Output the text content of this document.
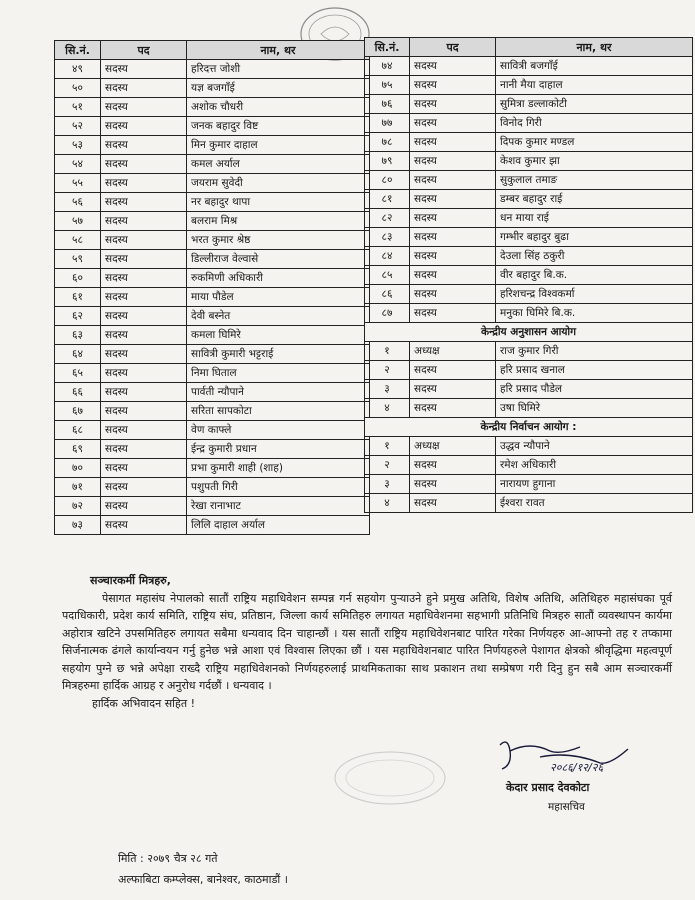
सि.नं.	पद	नाम, थर
४९	सदस्य	हरिदत्त जोशी
५०	सदस्य	यज्ञ बजगाँई
५१	सदस्य	अशोक चौधरी
५२	सदस्य	जनक बहादुर विष्ट
५३	सदस्य	मिन कुमार दाहाल
५४	सदस्य	कमल अर्याल
५५	सदस्य	जयराम सुवेदी
५६	सदस्य	नर बहादुर थापा
५७	सदस्य	बलराम मिश्र
५८	सदस्य	भरत कुमार श्रेष्ठ
५९	सदस्य	डिल्लीराज वेल्वासे
६०	सदस्य	रुकमिणी अधिकारी
६१	सदस्य	माया पौडेल
६२	सदस्य	देवी बस्नेत
६३	सदस्य	कमला घिमिरे
६४	सदस्य	सावित्री कुमारी भट्टराई
६५	सदस्य	निमा घिताल
६६	सदस्य	पार्वती न्यौपाने
६७	सदस्य	सरिता सापकोटा
६८	सदस्य	वेण काफ्ले
६९	सदस्य	ईन्द्र कुमारी प्रधान
७०	सदस्य	प्रभा कुमारी शाही (शाह)
७१	सदस्य	पशुपती गिरी
७२	सदस्य	रेखा रानाभाट
७३	सदस्य	लिलि दाहाल अर्याल
सि.नं.	पद	नाम, थर
७४	सदस्य	सावित्री बजगाँई
७५	सदस्य	नानी मैया दाहाल
७६	सदस्य	सुमित्रा डल्लाकोटी
७७	सदस्य	विनोद गिरी
७८	सदस्य	दिपक कुमार मण्डल
७९	सदस्य	केशव कुमार झा
८०	सदस्य	सुकुलाल तमाङ
८१	सदस्य	डम्बर बहादुर राई
८२	सदस्य	धन माया राई
८३	सदस्य	गम्भीर बहादुर बुढा
८४	सदस्य	देउला सिंह ठकुरी
८५	सदस्य	वीर बहादुर बि.क.
८६	सदस्य	हरिशचन्द्र विश्वकर्मा
८७	सदस्य	मनुका घिमिरे बि.क.
केन्द्रीय अनुशासन आयोग		
१	अध्यक्ष	राज कुमार गिरी
२	सदस्य	हरि प्रसाद खनाल
३	सदस्य	हरि प्रसाद पौडेल
४	सदस्य	उषा घिमिरे
केन्द्रीय निर्वाचन आयोग :		
१	अध्यक्ष	उद्धव न्यौपाने
२	सदस्य	रमेश अधिकारी
३	सदस्य	नारायण हुगाना
४	सदस्य	ईश्वरा रावत
सञ्चारकर्मी मित्रहरु,

पेसागत महासंघ नेपालको सातौं राष्ट्रिय महाधिवेशन सम्पन्न गर्न सहयोग पुऱ्याउने हुने प्रमुख अतिथि, विशेष अतिथि, अतिथिहरु महासंघका पूर्व पदाधिकारी, प्रदेश कार्य समिति, राष्ट्रिय संघ, प्रतिष्ठान, जिल्ला कार्य समितिहरु लगायत महाधिवेशनमा सहभागी प्रतिनिधि मित्रहरु सातौं व्यवस्थापन कार्यमा अहोरात्र खटिने उपसमितिहरु लगायत सबैमा धन्यवाद दिन चाहान्छौं । यस सातौं राष्ट्रिय महाधिवेशनबाट पारित गरेका निर्णयहरु आ-आफ्नो तह र तप्कामा सिर्जनात्मक ढंगले कार्यान्वयन गर्नु हुनेछ भन्ने आशा एवं विश्वास लिएका छौं । यस महाधिवेशनबाट पारित निर्णयहरुले पेशागत क्षेत्रको श्रीवृद्धिमा महत्वपूर्ण सहयोग पुग्ने छ भन्ने अपेक्षा राख्दै राष्ट्रिय महाधिवेशनको निर्णयहरुलाई प्राथमिकताका साथ प्रकाशन तथा सम्प्रेषण गरी दिनु हुन सबै आम सञ्चारकर्मी मित्रहरुमा हार्दिक आग्रह र अनुरोध गर्दछौं । धन्यवाद ।

हार्दिक अभिवादन सहित !
२०८६/१२/२६
केदार प्रसाद देवकोटा
महासचिव
मिति : २०७९ चैत्र २८ गते
अल्फाबिटा कम्प्लेक्स, बानेश्वर, काठमाडौं ।
